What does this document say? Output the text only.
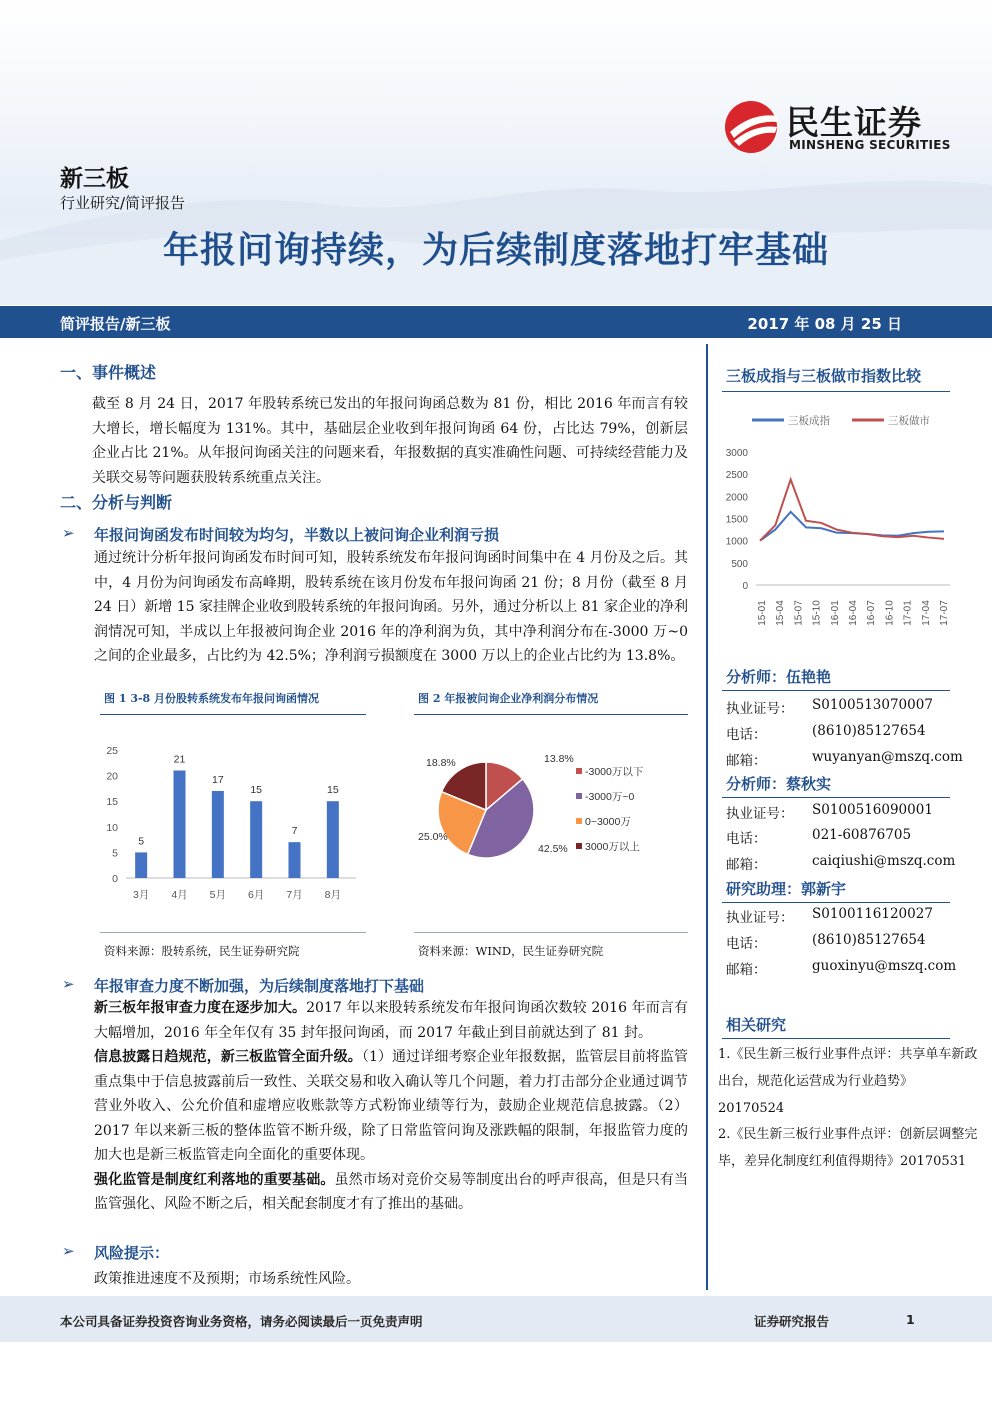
民生证券
MINSHENG SECURITIES
新三板
行业研究/简评报告
年报问询持续，为后续制度落地打牢基础
简评报告/新三板	2017 年 08 月 25 日
一、事件概述
截至 8 月 24 日，2017 年股转系统已发出的年报问询函总数为 81 份，相比 2016 年而言有较大增长，增长幅度为 131%。其中，基础层企业收到年报问询函 64 份，占比达 79%，创新层企业占比 21%。从年报问询函关注的问题来看，年报数据的真实准确性问题、可持续经营能力及关联交易等问题获股转系统重点关注。
二、分析与判断
➢ 年报问询函发布时间较为均匀，半数以上被问询企业利润亏损
通过统计分析年报问询函发布时间可知，股转系统发布年报问询函时间集中在 4 月份及之后。其中，4 月份为问询函发布高峰期，股转系统在该月份发布年报问询函 21 份；8 月份（截至 8 月 24 日）新增 15 家挂牌企业收到股转系统的年报问询函。另外，通过分析以上 81 家企业的净利润情况可知，半成以上年报被问询企业 2016 年的净利润为负，其中净利润分布在-3000 万~0 之间的企业最多，占比约为 42.5%；净利润亏损额度在 3000 万以上的企业占比约为 13.8%。
图 1 3-8 月份股转系统发布年报问询函情况
0
5
10
15
20
25
5
3月
21
4月
17
5月
15
6月
7
7月
15
8月
资料来源：股转系统，民生证券研究院
图 2 年报被问询企业净利润分布情况
13.8%
42.5%
25.0%
18.8%
-3000万以下
-3000万~0
0~3000万
3000万以上
资料来源：WIND，民生证券研究院
➢ 年报审查力度不断加强，为后续制度落地打下基础
新三板年报审查力度在逐步加大。2017 年以来股转系统发布年报问询函次数较 2016 年而言有大幅增加，2016 年全年仅有 35 封年报问询函，而 2017 年截止到目前就达到了 81 封。
信息披露日趋规范，新三板监管全面升级。（1）通过详细考察企业年报数据，监管层目前将监管重点集中于信息披露前后一致性、关联交易和收入确认等几个问题，着力打击部分企业通过调节营业外收入、公允价值和虚增应收账款等方式粉饰业绩等行为，鼓励企业规范信息披露。（2）2017 年以来新三板的整体监管不断升级，除了日常监管问询及涨跌幅的限制，年报监管力度的加大也是新三板监管走向全面化的重要体现。
强化监管是制度红利落地的重要基础。虽然市场对竞价交易等制度出台的呼声很高，但是只有当监管强化、风险不断之后，相关配套制度才有了推出的基础。
➢ 风险提示：
政策推进速度不及预期；市场系统性风险。
三板成指与三板做市指数比较
0
500
1000
1500
2000
2500
3000
15-01 15-04 15-07 15-10 16-01 16-04 16-07 16-10 17-01 17-04 17-07
三板成指	三板做市
分析师：伍艳艳
执业证号： S0100513070007
电话：	(8610)85127654
邮箱：	wuyanyan@mszq.com
分析师：蔡秋实
执业证号： S0100516090001
电话：	021-60876705
邮箱：	caiqiushi@mszq.com
研究助理：郭新宇
执业证号： S0100116120027
电话：	(8610)85127654
邮箱：	guoxinyu@mszq.com
相关研究
1.《民生新三板行业事件点评：共享单车新政出台，规范化运营成为行业趋势》20170524
2.《民生新三板行业事件点评：创新层调整完毕，差异化制度红利值得期待》20170531
本公司具备证券投资咨询业务资格，请务必阅读最后一页免责声明	证券研究报告	1
